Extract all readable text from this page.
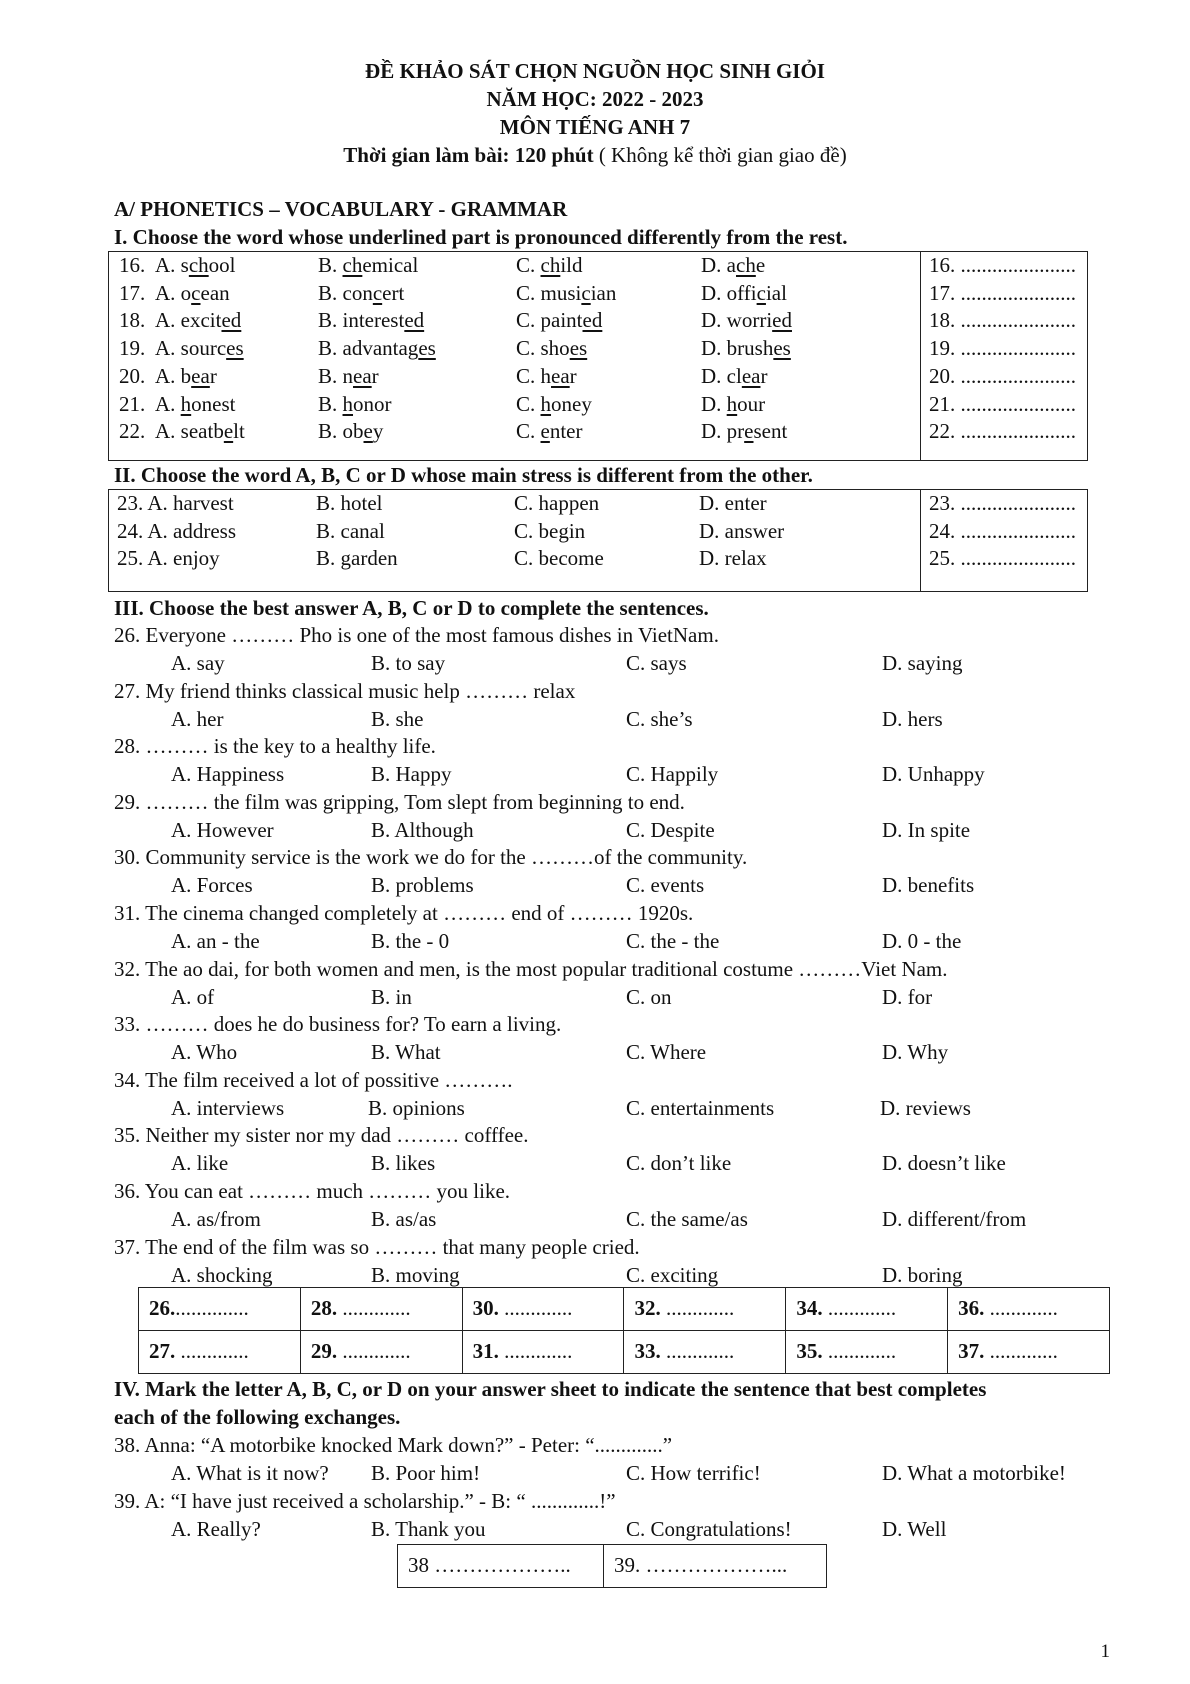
ĐỀ KHẢO SÁT CHỌN NGUỒN HỌC SINH GIỎI
NĂM HỌC: 2022 - 2023
MÔN TIẾNG ANH 7
Thời gian làm bài: 120 phút ( Không kể thời gian giao đề)
A/ PHONETICS – VOCABULARY - GRAMMAR
I. Choose the word whose underlined part is pronounced differently from the rest.
16. A. school	B. chemical	C. child	D. ache	16. ......................
17. A. ocean	B. concert	C. musician	D. official	17. ......................
18. A. excited	B. interested	C. painted	D. worried	18. ......................
19. A. sources	B. advantages	C. shoes	D. brushes	19. ......................
20. A. bear	B. near	C. hear	D. clear	20. ......................
21. A. honest	B. honor	C. honey	D. hour	21. ......................
22. A. seatbelt	B. obey	C. enter	D. present	22. ......................
II. Choose the word A, B, C or D whose main stress is different from the other.
23. A. harvest	B. hotel	C. happen	D. enter	23. ......................
24. A. address	B. canal	C. begin	D. answer	24. ......................
25. A. enjoy	B. garden	C. become	D. relax	25. ......................
III. Choose the best answer A, B, C or D to complete the sentences.
26. Everyone ……… Pho is one of the most famous dishes in VietNam.
A. say	B. to say	C. says	D. saying
27. My friend thinks classical music help ……… relax
A. her	B. she	C. she’s	D. hers
28. ……… is the key to a healthy life.
A. Happiness	B. Happy	C. Happily	D. Unhappy
29. ……… the film was gripping, Tom slept from beginning to end.
A. However	B. Although	C. Despite	D. In spite
30. Community service is the work we do for the ………of the community.
A. Forces	B. problems	C. events	D. benefits
31. The cinema changed completely at ……… end of ……… 1920s.
A. an - the	B. the - 0	C. the - the	D. 0 - the
32. The ao dai, for both women and men, is the most popular traditional costume ………Viet Nam.
A. of	B. in	C. on	D. for
33. ……… does he do business for? To earn a living.
A. Who	B. What	C. Where	D. Why
34. The film received a lot of possitive ……….
A. interviews	B. opinions	C. entertainments	D. reviews
35. Neither my sister nor my dad ……… cofffee.
A. like	B. likes	C. don’t like	D. doesn’t like
36. You can eat ……… much ……… you like.
A. as/from	B. as/as	C. the same/as	D. different/from
37. The end of the film was so ……… that many people cried.
A. shocking	B. moving	C. exciting	D. boring
26...............	28. .............	30. .............	32. .............	34. .............	36. .............
27. .............	29. .............	31. .............	33. .............	35. .............	37. .............
IV. Mark the letter A, B, C, or D on your answer sheet to indicate the sentence that best completes
each of the following exchanges.
38. Anna: “A motorbike knocked Mark down?” - Peter: “.............”
A. What is it now? B. Poor him!	C. How terrific!	D. What a motorbike!
39. A: “I have just received a scholarship.” - B: “ .............!”
A. Really?	B. Thank you	C. Congratulations!	D. Well
38 ………………..	39. ………………...
1
